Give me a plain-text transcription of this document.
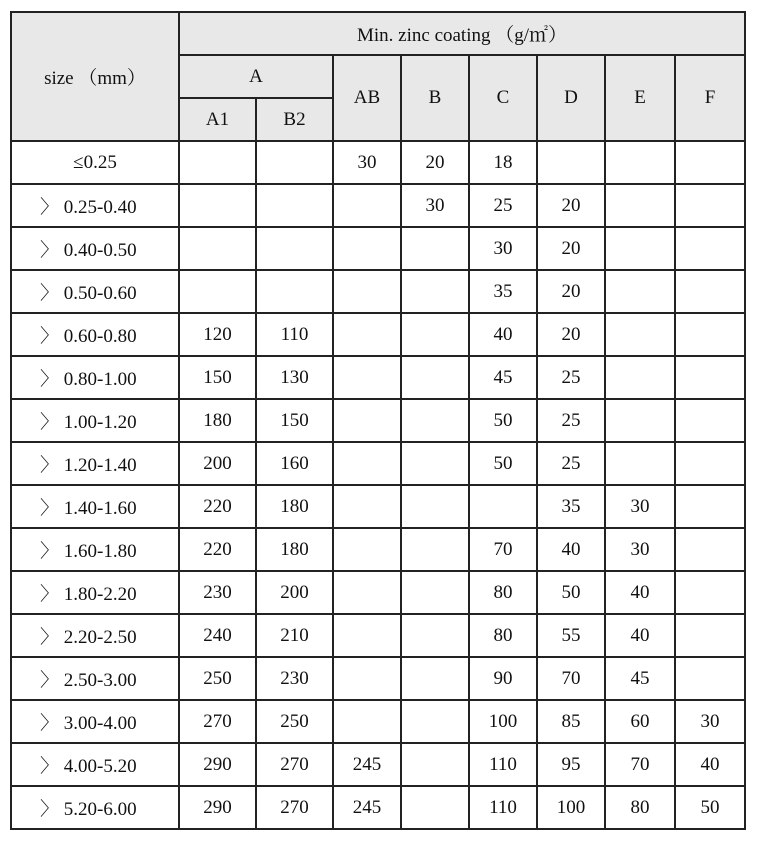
size （mm）	Min. zinc coating （g/㎡）							
	A		AB	B	C	D	E	F
	A1	B2						
≤0.25			30	20	18			
〉 0.25-0.40				30	25	20		
〉 0.40-0.50					30	20		
〉 0.50-0.60					35	20		
〉 0.60-0.80	120	110			40	20		
〉 0.80-1.00	150	130			45	25		
〉 1.00-1.20	180	150			50	25		
〉 1.20-1.40	200	160			50	25		
〉 1.40-1.60	220	180				35	30	
〉 1.60-1.80	220	180			70	40	30	
〉 1.80-2.20	230	200			80	50	40	
〉 2.20-2.50	240	210			80	55	40	
〉 2.50-3.00	250	230			90	70	45	
〉 3.00-4.00	270	250			100	85	60	30
〉 4.00-5.20	290	270	245		110	95	70	40
〉 5.20-6.00	290	270	245		110	100	80	50
